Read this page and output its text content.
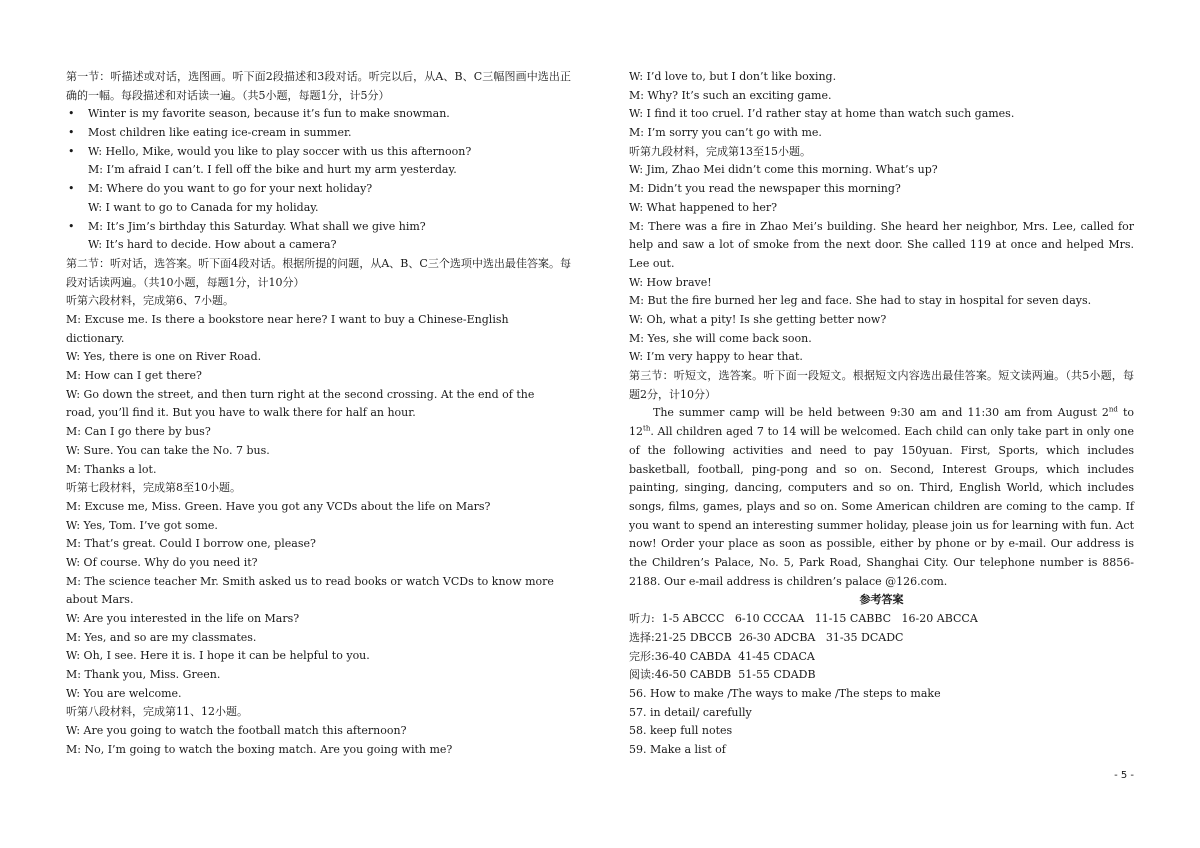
第一节：听描述或对话，选图画。听下面2段描述和3段对话。听完以后，从A、B、C三幅图画中选出正确的一幅。每段描述和对话读一遍。（共5小题，每题1分，计5分）
• Winter is my favorite season, because it’s fun to make snowman.
• Most children like eating ice-cream in summer.
• W: Hello, Mike, would you like to play soccer with us this afternoon?
M: I’m afraid I can’t. I fell off the bike and hurt my arm yesterday.
• M: Where do you want to go for your next holiday?
W: I want to go to Canada for my holiday.
• M: It’s Jim’s birthday this Saturday. What shall we give him?
W: It’s hard to decide. How about a camera?
第二节：听对话，选答案。听下面4段对话。根据所提的问题，从A、B、C三个选项中选出最佳答案。每段对话读两遍。（共10小题，每题1分，计10分）
听第六段材料，完成第6、7小题。
M: Excuse me. Is there a bookstore near here? I want to buy a Chinese-English
dictionary.
W: Yes, there is one on River Road.
M: How can I get there?
W: Go down the street, and then turn right at the second crossing. At the end of the
road, you’ll find it. But you have to walk there for half an hour.
M: Can I go there by bus?
W: Sure. You can take the No. 7 bus.
M: Thanks a lot.
听第七段材料，完成第8至10小题。
M: Excuse me, Miss. Green. Have you got any VCDs about the life on Mars?
W: Yes, Tom. I’ve got some.
M: That’s great. Could I borrow one, please?
W: Of course. Why do you need it?
M: The science teacher Mr. Smith asked us to read books or watch VCDs to know more
about Mars.
W: Are you interested in the life on Mars?
M: Yes, and so are my classmates.
W: Oh, I see. Here it is. I hope it can be helpful to you.
M: Thank you, Miss. Green.
W: You are welcome.
听第八段材料，完成第11、12小题。
W: Are you going to watch the football match this afternoon?
M: No, I’m going to watch the boxing match. Are you going with me?
W: I’d love to, but I don’t like boxing.
M: Why? It’s such an exciting game.
W: I find it too cruel. I’d rather stay at home than watch such games.
M: I’m sorry you can’t go with me.
听第九段材料，完成第13至15小题。
W: Jim, Zhao Mei didn’t come this morning. What’s up?
M: Didn’t you read the newspaper this morning?
W: What happened to her?
M: There was a fire in Zhao Mei’s building. She heard her neighbor, Mrs. Lee, called for help and saw a lot of smoke from the next door. She called 119 at once and helped Mrs. Lee out.
W: How brave!
M: But the fire burned her leg and face. She had to stay in hospital for seven days.
W: Oh, what a pity! Is she getting better now?
M: Yes, she will come back soon.
W: I’m very happy to hear that.
第三节：听短文，选答案。听下面一段短文。根据短文内容选出最佳答案。短文读两遍。（共5小题，每题2分，计10分）
The summer camp will be held between 9:30 am and 11:30 am from August 2nd to 12th. All children aged 7 to 14 will be welcomed. Each child can only take part in only one of the following activities and need to pay 150yuan. First, Sports, which includes basketball, football, ping-pong and so on. Second, Interest Groups, which includes painting, singing, dancing, computers and so on. Third, English World, which includes songs, films, games, plays and so on. Some American children are coming to the camp. If you want to spend an interesting summer holiday, please join us for learning with fun. Act now! Order your place as soon as possible, either by phone or by e-mail. Our address is the Children’s Palace, No. 5, Park Road, Shanghai City. Our telephone number is 8856-2188. Our e-mail address is children’s palace @126.com.
参考答案
听力:  1-5 ABCCC   6-10 CCCAA   11-15 CABBC   16-20 ABCCA
选择:21-25 DBCCB  26-30 ADCBA   31-35 DCADC
完形:36-40 CABDA  41-45 CDACA
阅读:46-50 CABDB  51-55 CDADB
56. How to make /The ways to make /The steps to make
57. in detail/ carefully
58. keep full notes
59. Make a list of
- 5 -
